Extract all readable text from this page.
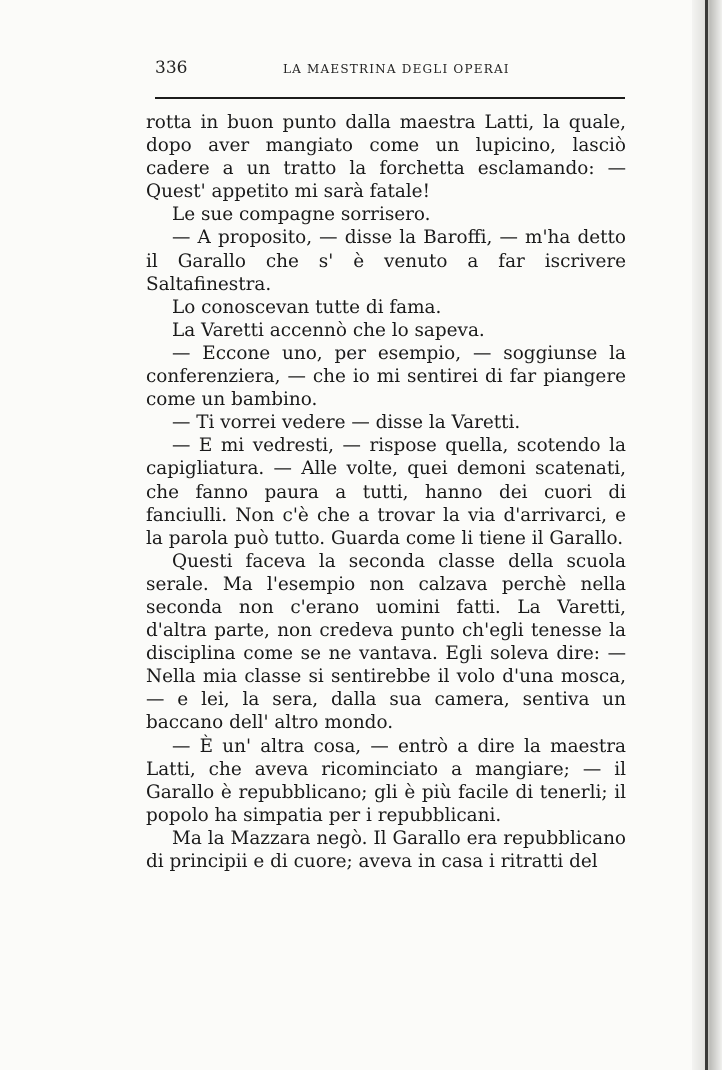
336	LA MAESTRINA DEGLI OPERAI

rotta in buon punto dalla maestra Latti, la quale, dopo aver mangiato come un lupicino, lasciò cadere a un tratto la forchetta esclamando: — Quest' appetito mi sarà fatale!

Le sue compagne sorrisero.

— A proposito, — disse la Baroffi, — m'ha detto il Garallo che s' è venuto a far iscrivere Saltafinestra.

Lo conoscevan tutte di fama.

La Varetti accennò che lo sapeva.

— Eccone uno, per esempio, — soggiunse la conferenziera, — che io mi sentirei di far piangere come un bambino.

— Ti vorrei vedere — disse la Varetti.

— E mi vedresti, — rispose quella, scotendo la capigliatura. — Alle volte, quei demoni scatenati, che fanno paura a tutti, hanno dei cuori di fanciulli. Non c'è che a trovar la via d'arrivarci, e la parola può tutto. Guarda come li tiene il Garallo.

Questi faceva la seconda classe della scuola serale. Ma l'esempio non calzava perchè nella seconda non c'erano uomini fatti. La Varetti, d'altra parte, non credeva punto ch'egli tenesse la disciplina come se ne vantava. Egli soleva dire: — Nella mia classe si sentirebbe il volo d'una mosca, — e lei, la sera, dalla sua camera, sentiva un baccano dell' altro mondo.

— È un' altra cosa, — entrò a dire la maestra Latti, che aveva ricominciato a mangiare; — il Garallo è repubblicano; gli è più facile di tenerli; il popolo ha simpatia per i repubblicani.

Ma la Mazzara negò. Il Garallo era repubblicano di principii e di cuore; aveva in casa i ritratti del
